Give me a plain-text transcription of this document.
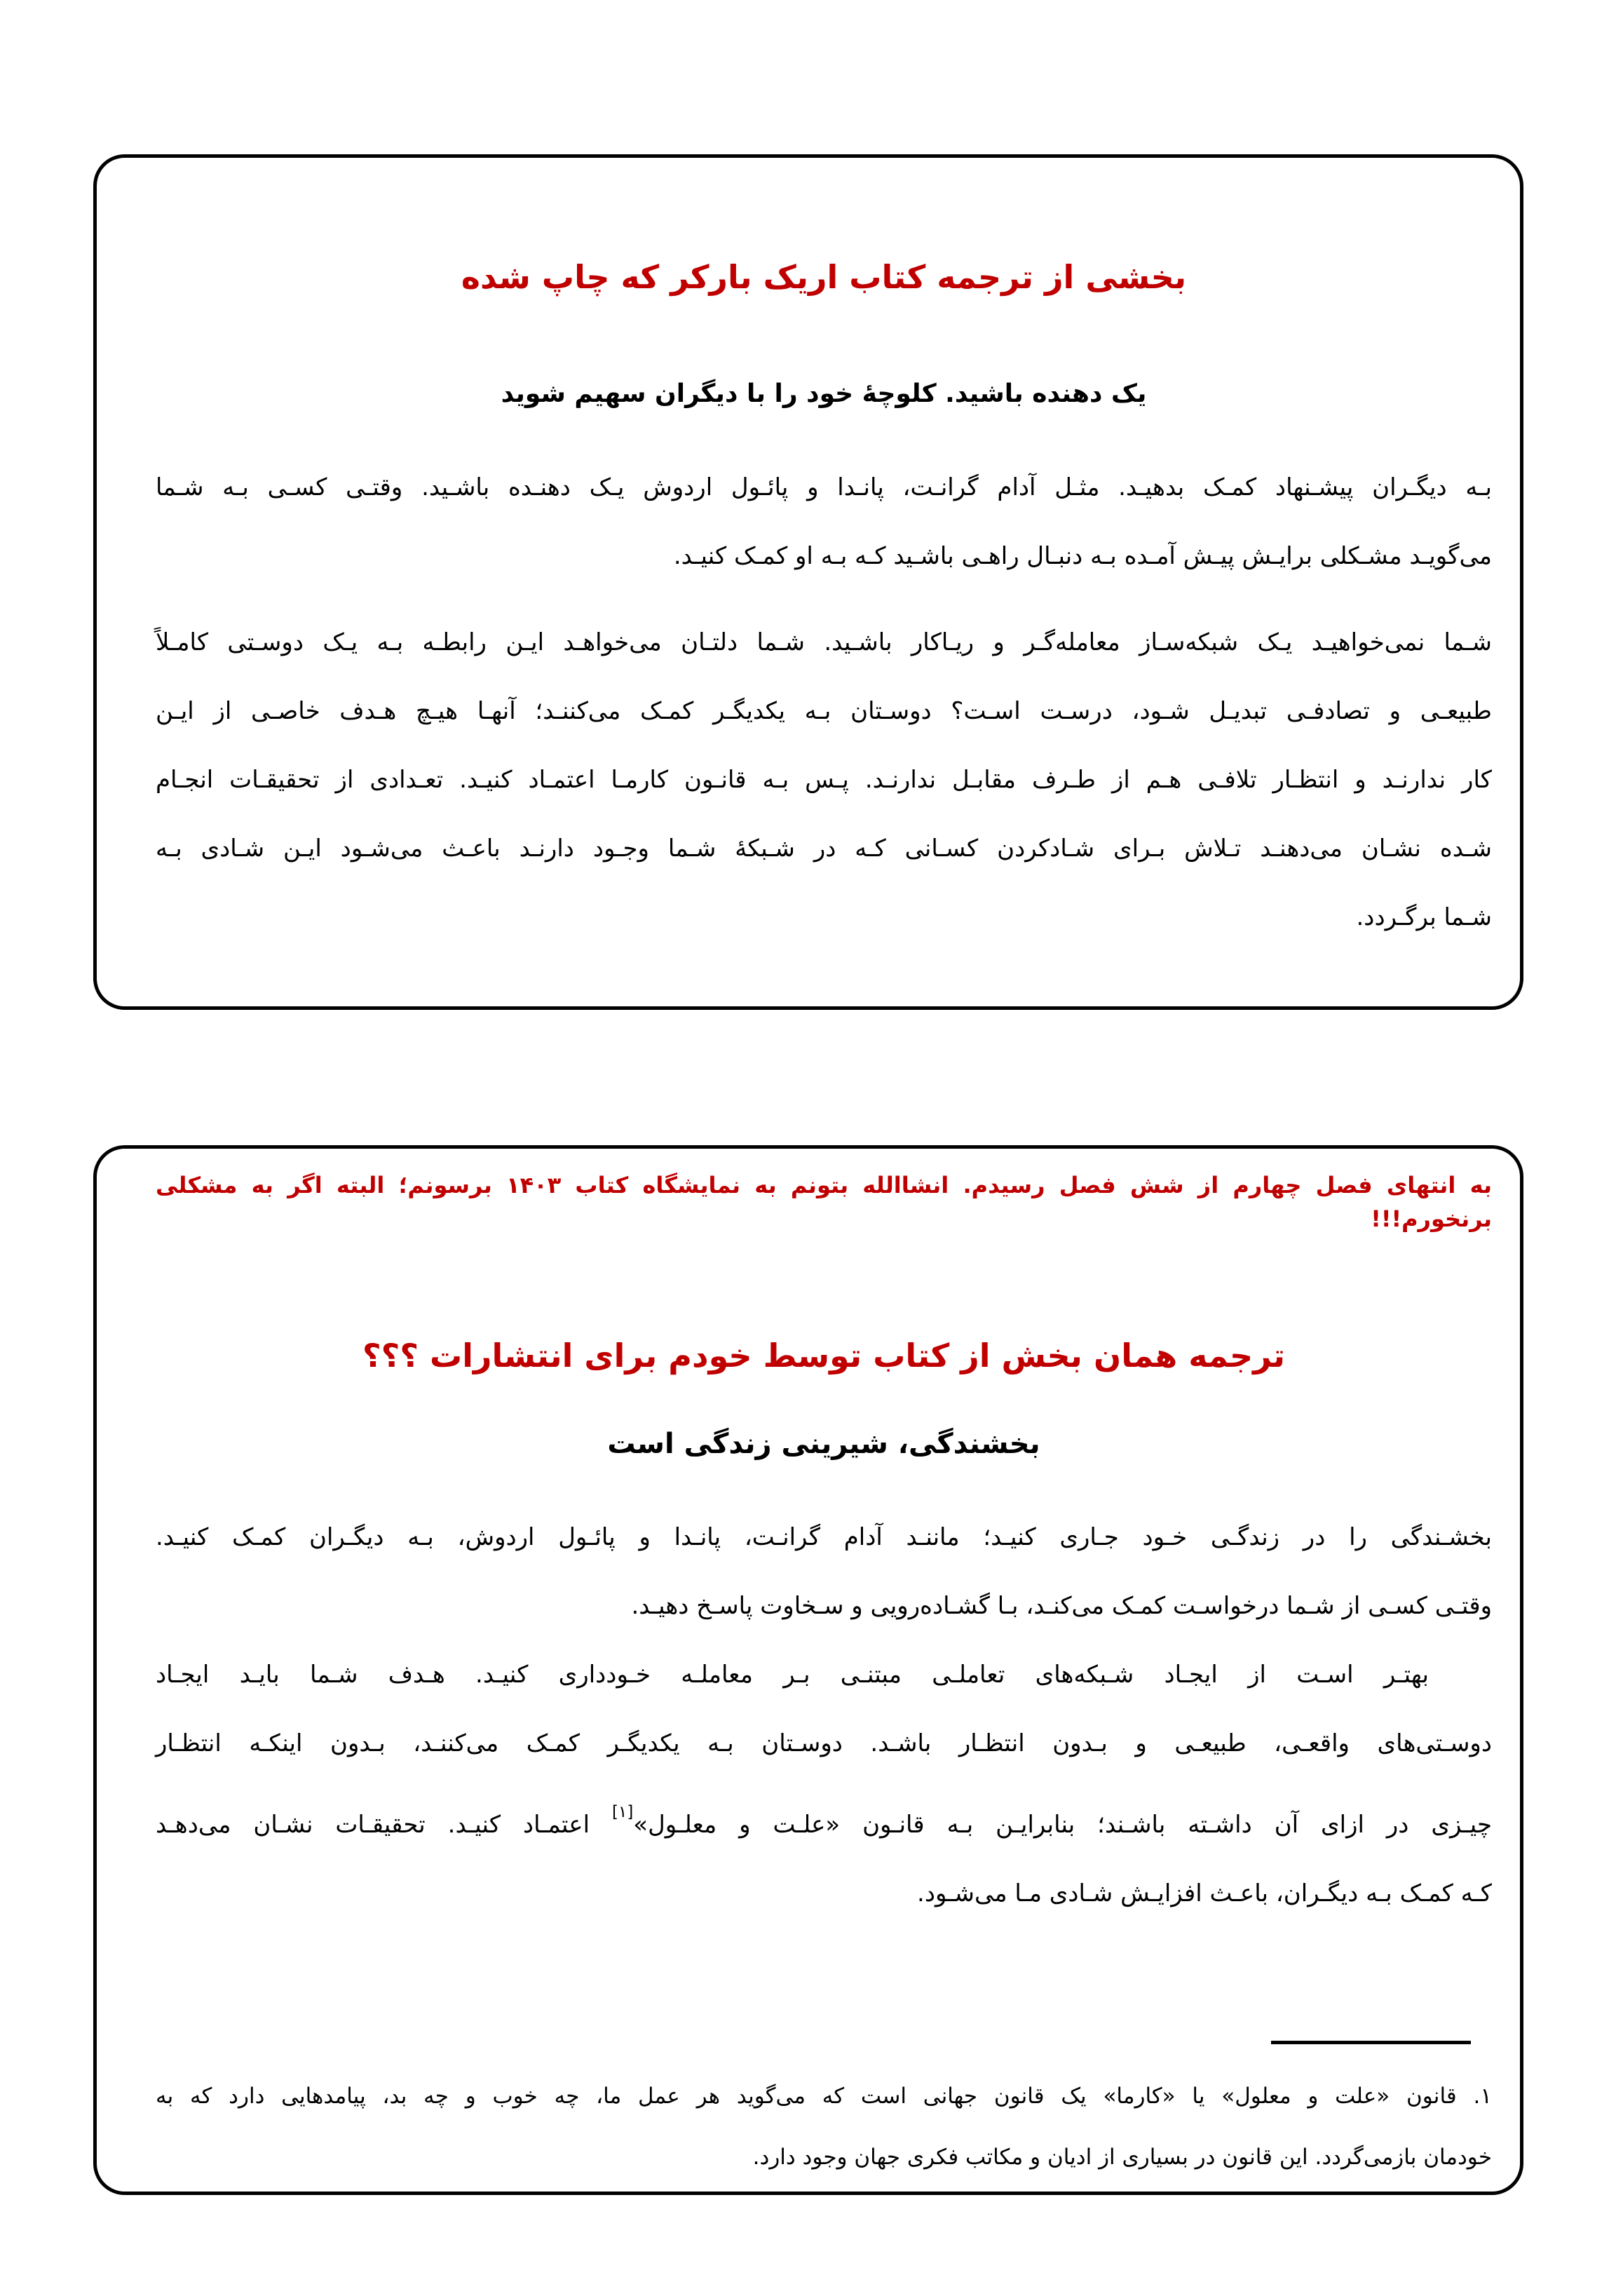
بخشی از ترجمه کتاب اریک بارکر که چاپ شده
یک دهنده باشید. کلوچهٔ خود را با دیگران سهیم شوید
بـه دیگـران پیشـنهاد کمـک بدهیـد. مثـل آدام گرانـت، پانـدا و پائـول اردوش یـک دهنـده باشـید. وقتـی کسـی بـه شـما
می‌گویـد مشـکلی برایـش پیـش آمـده بـه دنبـال راهـی باشـید کـه بـه او کمـک کنیـد.
شـما نمی‌خواهیـد یـک شبکه‌سـاز معامله‌گـر و ریـاکار باشـید. شـما دلتـان می‌خواهـد ایـن رابطـه بـه یـک دوسـتی کامـلاً
طبیعـی و تصادفـی تبدیـل شـود، درسـت اسـت؟ دوسـتان بـه یکدیگـر کمـک می‌کننـد؛ آنهـا هیـچ هـدف خاصـی از ایـن
کار ندارنـد و انتظـار تلافـی هـم از طـرف مقابـل ندارنـد. پـس بـه قانـون کارمـا اعتمـاد کنیـد. تعـدادی از تحقیقـات انجـام
شـده نشـان می‌دهنـد تـلاش بـرای شـادکردن کسـانی کـه در شـبکهٔ شـما وجـود دارنـد باعـث می‌شـود ایـن شـادی بـه
شـما برگـردد.
به انتهای فصل چهارم از شش فصل رسیدم. انشاالله بتونم به نمایشگاه کتاب ۱۴۰۳ برسونم؛ البته اگر به مشکلی برنخورم!!!
ترجمه همان بخش از کتاب توسط خودم برای انتشارات ؟؟؟
بخشندگی، شیرینی زندگی است
بخشـندگی را در زندگـی خـود جـاری کنیـد؛ ماننـد آدام گرانـت، پانـدا و پائـول اردوش، بـه دیگـران کمـک کنیـد.
وقتـی کسـی از شـما درخواسـت کمـک می‌کنـد، بـا گشـاده‌رویی و سـخاوت پاسـخ دهیـد.
بهتـر اسـت از ایجـاد شـبکه‌های تعاملـی مبتنـی بـر معاملـه خـودداری کنیـد. هـدف شـما بایـد ایجـاد
دوسـتی‌های واقعـی، طبیعـی و بـدون انتظـار باشـد. دوسـتان بـه یکدیگـر کمـک می‌کننـد، بـدون اینکـه انتظـار
چیـزی در ازای آن داشـته باشـند؛ بنابرایـن بـه قانـون «علـت و معلـول»[۱] اعتمـاد کنیـد. تحقیقـات نشـان می‌دهـد
کـه کمـک بـه دیگـران، باعـث افزایـش شـادی مـا می‌شـود.
۱. قانون «علت و معلول» یا «کارما» یک قانون جهانی است که می‌گوید هر عمل ما، چه خوب و چه بد، پیامدهایی دارد که به
خودمان بازمی‌گردد. این قانون در بسیاری از ادیان و مکاتب فکری جهان وجود دارد.
